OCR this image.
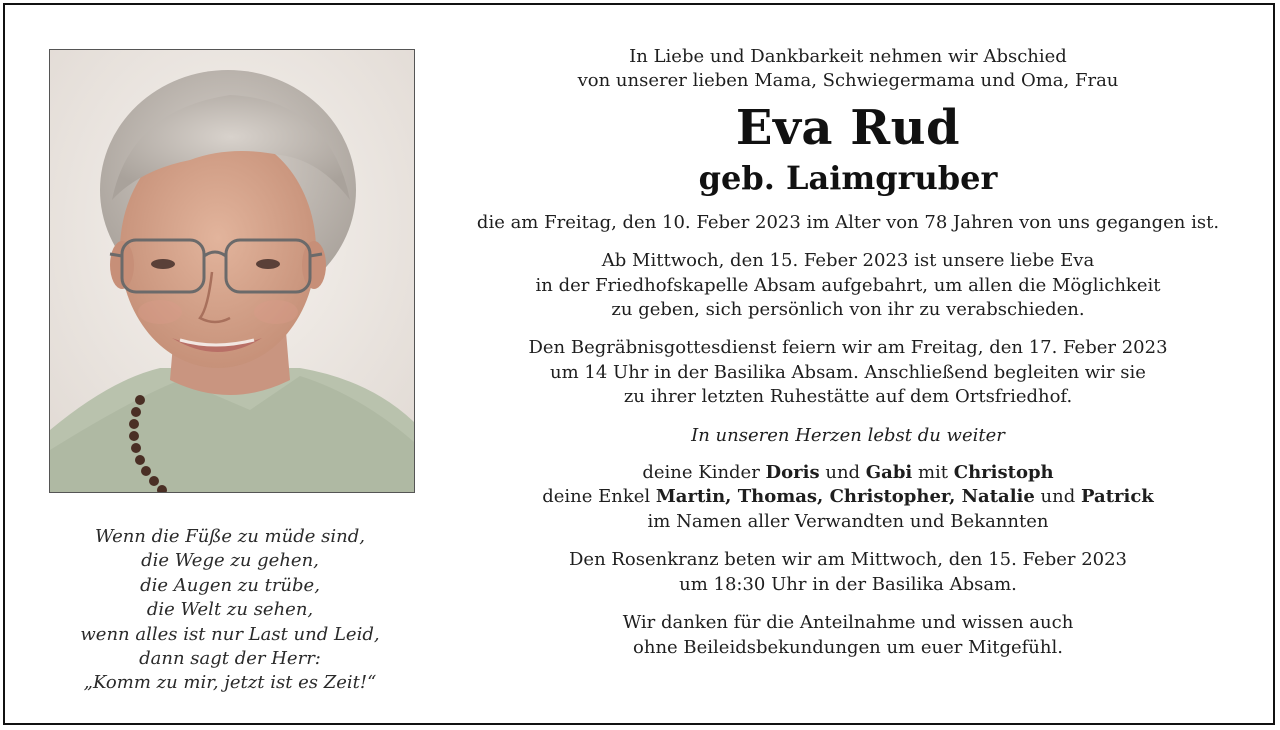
Wenn die Füße zu müde sind,
die Wege zu gehen,
die Augen zu trübe,
die Welt zu sehen,
wenn alles ist nur Last und Leid,
dann sagt der Herr:
„Komm zu mir, jetzt ist es Zeit!“
In Liebe und Dankbarkeit nehmen wir Abschied
von unserer lieben Mama, Schwiegermama und Oma, Frau
Eva Rud
geb. Laimgruber
die am Freitag, den 10. Feber 2023 im Alter von 78 Jahren von uns gegangen ist.
Ab Mittwoch, den 15. Feber 2023 ist unsere liebe Eva
in der Friedhofskapelle Absam aufgebahrt, um allen die Möglichkeit
zu geben, sich persönlich von ihr zu verabschieden.
Den Begräbnisgottesdienst feiern wir am Freitag, den 17. Feber 2023
um 14 Uhr in der Basilika Absam. Anschließend begleiten wir sie
zu ihrer letzten Ruhestätte auf dem Ortsfriedhof.
In unseren Herzen lebst du weiter
deine Kinder Doris und Gabi mit Christoph
deine Enkel Martin, Thomas, Christopher, Natalie und Patrick
im Namen aller Verwandten und Bekannten
Den Rosenkranz beten wir am Mittwoch, den 15. Feber 2023
um 18:30 Uhr in der Basilika Absam.
Wir danken für die Anteilnahme und wissen auch
ohne Beileidsbekundungen um euer Mitgefühl.
